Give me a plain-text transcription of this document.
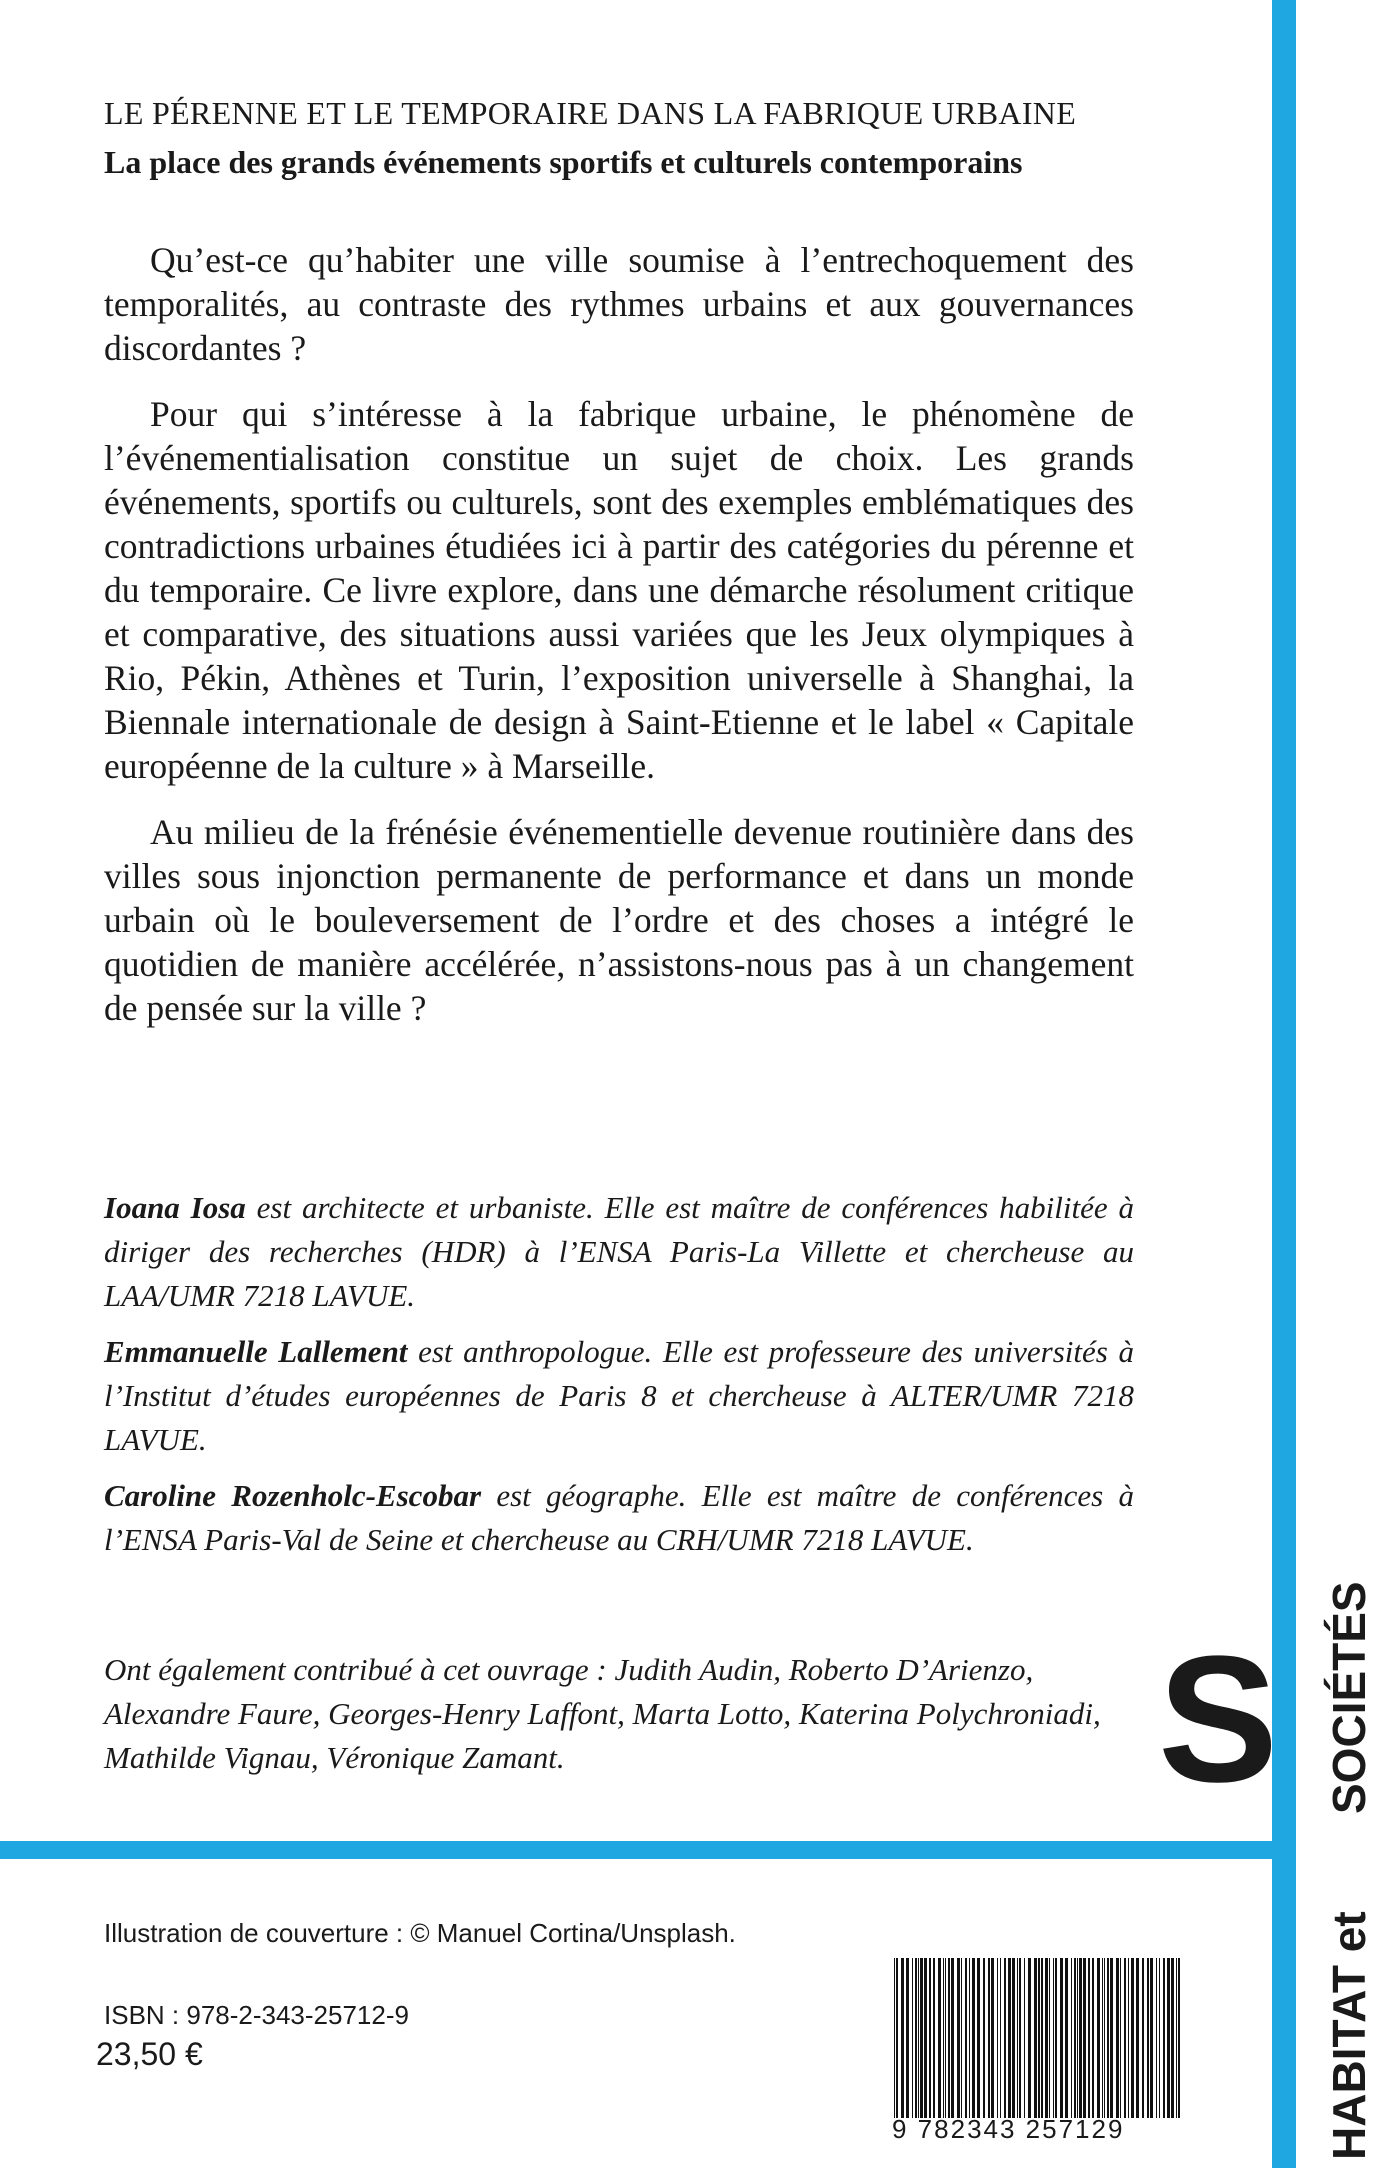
LE PÉRENNE ET LE TEMPORAIRE DANS LA FABRIQUE URBAINE
La place des grands événements sportifs et culturels contemporains

Qu’est-ce qu’habiter une ville soumise à l’entrechoquement des temporalités, au contraste des rythmes urbains et aux gouvernances discordantes ?

Pour qui s’intéresse à la fabrique urbaine, le phénomène de l’événementialisation constitue un sujet de choix. Les grands événements, sportifs ou culturels, sont des exemples emblématiques des contradictions urbaines étudiées ici à partir des catégories du pérenne et du temporaire. Ce livre explore, dans une démarche résolument critique et comparative, des situations aussi variées que les Jeux olympiques à Rio, Pékin, Athènes et Turin, l’exposition universelle à Shanghai, la Biennale internationale de design à Saint-Etienne et le label « Capitale européenne de la culture » à Marseille.

Au milieu de la frénésie événementielle devenue routinière dans des villes sous injonction permanente de performance et dans un monde urbain où le bouleversement de l’ordre et des choses a intégré le quotidien de manière accélérée, n’assistons-nous pas à un changement de pensée sur la ville ?

Ioana Iosa est architecte et urbaniste. Elle est maître de conférences habilitée à diriger des recherches (HDR) à l’ENSA Paris-La Villette et chercheuse au LAA/UMR 7218 LAVUE.

Emmanuelle Lallement est anthropologue. Elle est professeure des universités à l’Institut d’études européennes de Paris 8 et chercheuse à ALTER/UMR 7218 LAVUE.

Caroline Rozenholc-Escobar est géographe. Elle est maître de conférences à l’ENSA Paris-Val de Seine et chercheuse au CRH/UMR 7218 LAVUE.

Ont également contribué à cet ouvrage : Judith Audin, Roberto D’Arienzo, Alexandre Faure, Georges-Henry Laffont, Marta Lotto, Katerina Polychroniadi, Mathilde Vignau, Véronique Zamant.	S
HABITAT et
SOCIÉTÉS
Illustration de couverture : © Manuel Cortina/Unsplash.
ISBN : 978-2-343-25712-9
23,50 €
9 782343 257129
